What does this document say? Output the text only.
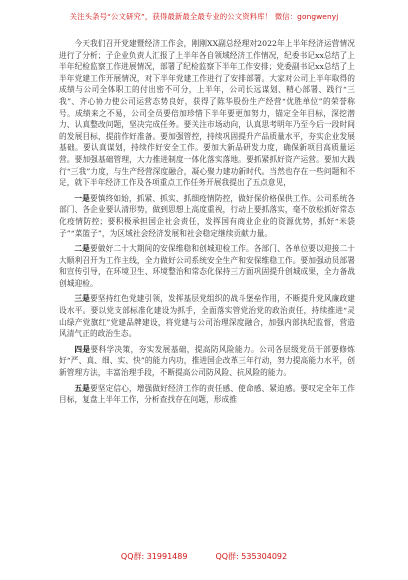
关注头条号“公文研究”，获得最新最全最专业的公文资料库！ 微信：gongwenyj

今天我们召开党建暨经济工作会，刚刚XX副总经理对2022年上半年经济运营情况进行了分析；子企业负责人汇报了上半年各自领域经济工作情况，纪委书记xx总结了上半年纪检监察工作进展情况，部署了纪检监察下半年工作安排；党委副书记xx总结了上半年党建工作开展情况，对下半年党建工作进行了安排部署。大家对公司上半年取得的成绩与公司全体职工的付出密不可分，上半年，公司长远谋划、精心部署、践行“三我”、齐心协力使公司运营态势良好，获得了陈华股份生产经营“优胜单位”的荣誉称号。成绩来之不易，公司全员要倍加珍惜下半年要更加努力，锚定全年目标，深挖潜力、认真整改问题，坚决完成任务。要关注市场动向，认真思考明年乃至今后一段时间的发展目标，提前作好准备。要加强管控，持续巩固提升产品质量水平，夯实企业发展基础。要认真谋划，持续作好安全工作。要加大新品研发力度，确保新项目高质量运营。要加强基础管理，大力推进制度一体化落实落地。要抓紧抓好资产运营。要加大践行“三我”力度，与生产经营深度融合，凝心聚力建功新时代。当然也存在一些问题和不足，就下半年经济工作及各项重点工作任务开展我提出了五点意见，

一是要慎终如始，抓紧、抓实、抓细疫情防控，做好保价格保供工作。公司系统各部门、各企业要认清形势，做到思想上高度重视，行动上要抓落实，毫不放松抓好常态化疫情防控；要积极承担国企社会责任，发挥国有商业企业的资源优势，抓好“米袋子”“菜篮子”，为区域社会经济发展和社会稳定继续贡献力量。

二是要做好二十大期间的安保维稳和创城迎检工作。各部门、各单位要以迎接二十大顺利召开为工作主线，全力做好公司系统安全生产和安保维稳工作。要加强动员部署和宣传引导，在环境卫生、环境整治和常态化保持三方面巩固提升创城成果，全力备战创城迎检。

三是要坚持红色党建引领，发挥基层党组织的战斗堡垒作用，不断提升党风廉政建设水平。要以党支部标准化建设为抓手，全面落实管党治党的政治责任，持续推进“灵山绿产党旗红”党建品牌建设，将党建与公司治理深度融合，加强内部执纪监督，营造风清气正的政治生态。

四是要科学决策，夯实发展基础，提高防风险能力。公司各层级党员干部要修炼好“严、真、细、实、快”的能力内功，推进国企改革三年行动，努力提高能力水平，创新管理方法，丰富治理手段，不断提高公司防风险、抗风险的能力。

五是要坚定信心，增强做好经济工作的责任感、使命感、紧迫感。要叹定全年工作目标，复盘上半年工作，分析查找存在问题，形成推

QQ群: 31991489	QQ群: 535304092
